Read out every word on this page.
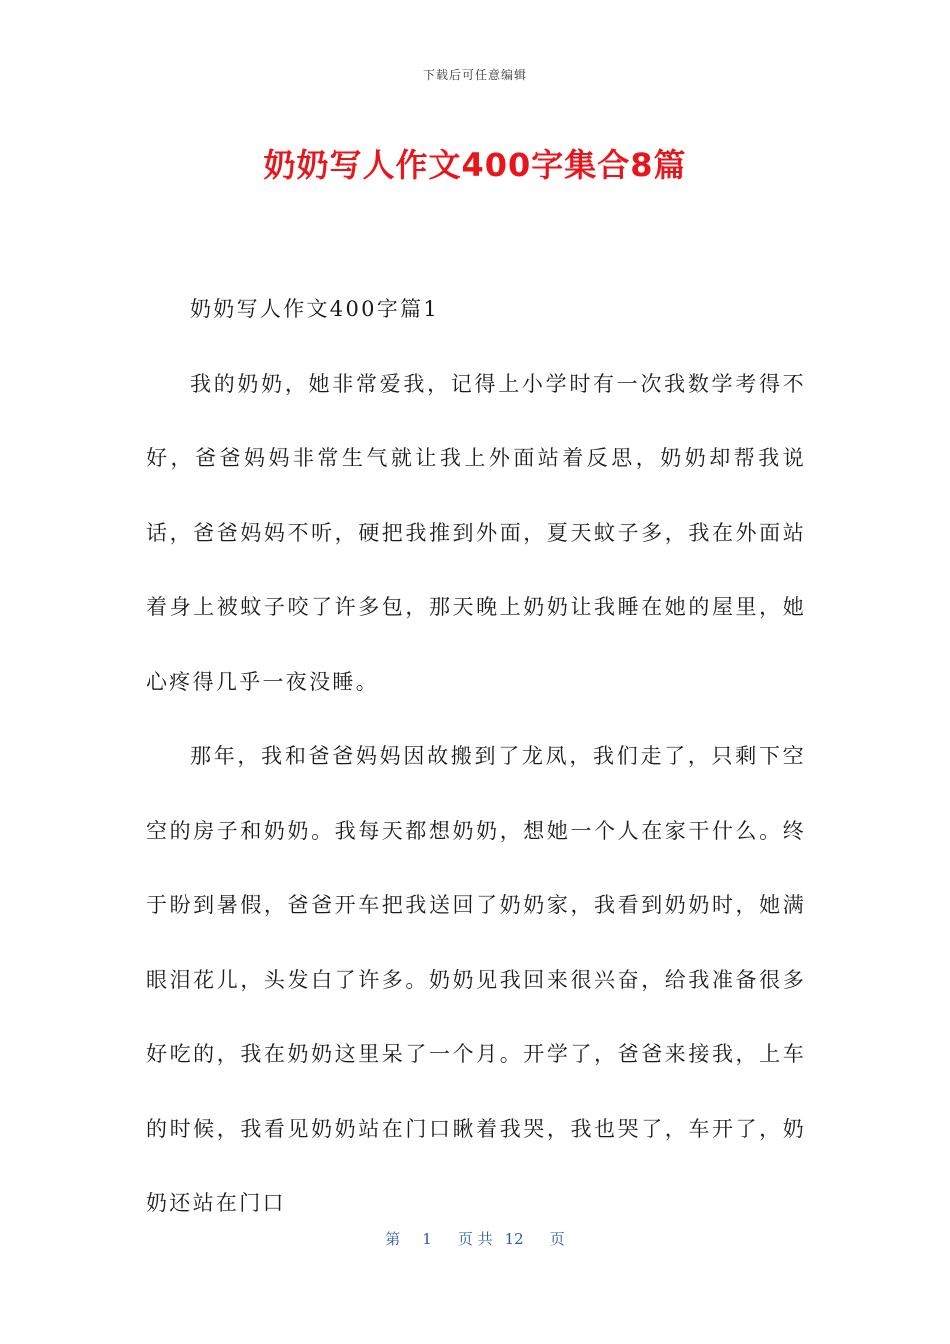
下载后可任意编辑
奶奶写人作文400字集合8篇

奶奶写人作文400字篇1

我的奶奶，她非常爱我，记得上小学时有一次我数学考得不好，爸爸妈妈非常生气就让我上外面站着反思，奶奶却帮我说话，爸爸妈妈不听，硬把我推到外面，夏天蚊子多，我在外面站着身上被蚊子咬了许多包，那天晚上奶奶让我睡在她的屋里，她心疼得几乎一夜没睡。

那年，我和爸爸妈妈因故搬到了龙凤，我们走了，只剩下空空的房子和奶奶。我每天都想奶奶，想她一个人在家干什么。终于盼到暑假，爸爸开车把我送回了奶奶家，我看到奶奶时，她满眼泪花儿，头发白了许多。奶奶见我回来很兴奋，给我准备很多好吃的，我在奶奶这里呆了一个月。开学了，爸爸来接我，上车的时候，我看见奶奶站在门口瞅着我哭，我也哭了，车开了，奶奶还站在门口

第 1 页 共 12 页
